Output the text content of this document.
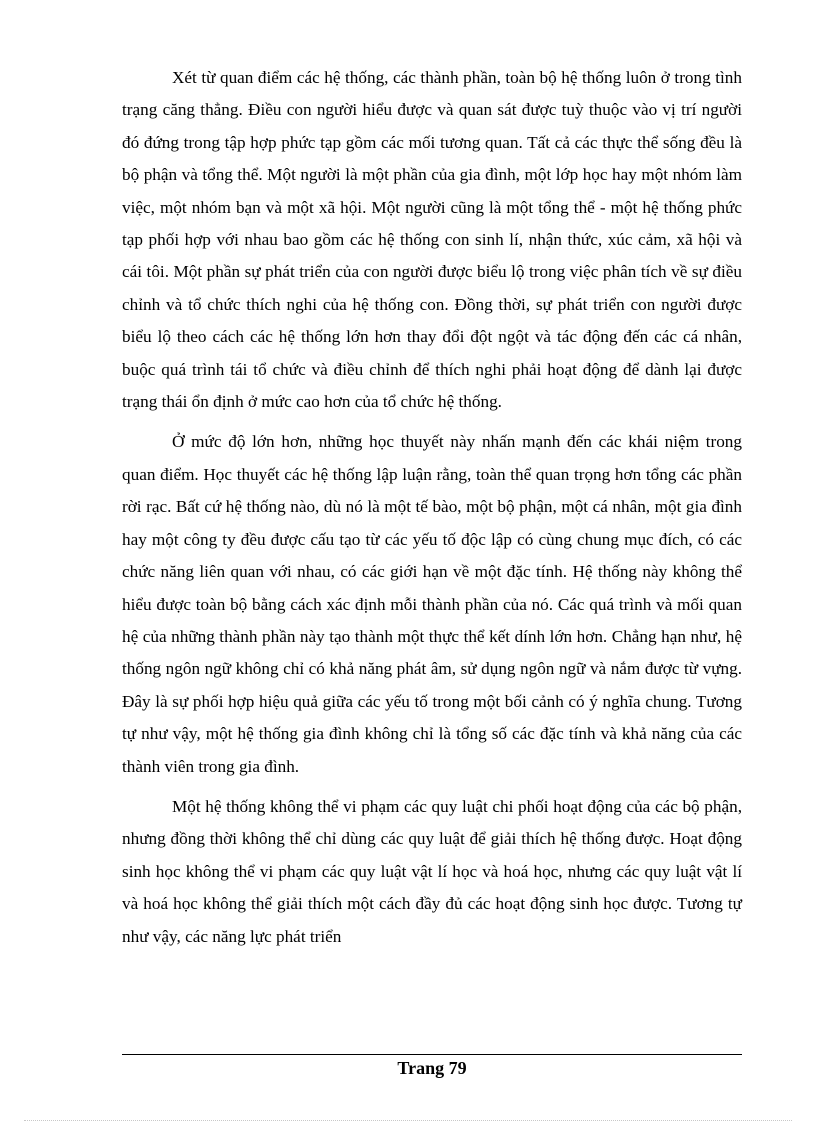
Xét từ quan điểm các hệ thống, các thành phần, toàn bộ hệ thống luôn ở trong tình trạng căng thẳng. Điều con người hiểu được và quan sát được tuỳ thuộc vào vị trí người đó đứng trong tập hợp phức tạp gồm các mối tương quan. Tất cả các thực thể sống đều là bộ phận và tổng thể. Một người là một phần của gia đình, một lớp học hay một nhóm làm việc, một nhóm bạn và một xã hội. Một người cũng là một tổng thể - một hệ thống phức tạp phối hợp với nhau bao gồm các hệ thống con sinh lí, nhận thức, xúc cảm, xã hội và cái tôi. Một phần sự phát triển của con người được biểu lộ trong việc phân tích về sự điều chỉnh và tổ chức thích nghi của hệ thống con. Đồng thời, sự phát triển con người được biểu lộ theo cách các hệ thống lớn hơn thay đổi đột ngột và tác động đến các cá nhân, buộc quá trình tái tổ chức và điều chỉnh để thích nghi phải hoạt động để dành lại được trạng thái ổn định ở mức cao hơn của tổ chức hệ thống.

Ở mức độ lớn hơn, những học thuyết này nhấn mạnh đến các khái niệm trong quan điểm. Học thuyết các hệ thống lập luận rằng, toàn thể quan trọng hơn tổng các phần rời rạc. Bất cứ hệ thống nào, dù nó là một tế bào, một bộ phận, một cá nhân, một gia đình hay một công ty đều được cấu tạo từ các yếu tố độc lập có cùng chung mục đích, có các chức năng liên quan với nhau, có các giới hạn về một đặc tính. Hệ thống này không thể hiểu được toàn bộ bằng cách xác định mỗi thành phần của nó. Các quá trình và mối quan hệ của những thành phần này tạo thành một thực thể kết dính lớn hơn. Chẳng hạn như, hệ thống ngôn ngữ không chỉ có khả năng phát âm, sử dụng ngôn ngữ và nắm được từ vựng. Đây là sự phối hợp hiệu quả giữa các yếu tố trong một bối cảnh có ý nghĩa chung. Tương tự như vậy, một hệ thống gia đình không chỉ là tổng số các đặc tính và khả năng của các thành viên trong gia đình.

Một hệ thống không thể vi phạm các quy luật chi phối hoạt động của các bộ phận, nhưng đồng thời không thể chỉ dùng các quy luật để giải thích hệ thống được. Hoạt động sinh học không thể vi phạm các quy luật vật lí học và hoá học, nhưng các quy luật vật lí và hoá học không thể giải thích một cách đầy đủ các hoạt động sinh học được. Tương tự như vậy, các năng lực phát triển

Trang 79
